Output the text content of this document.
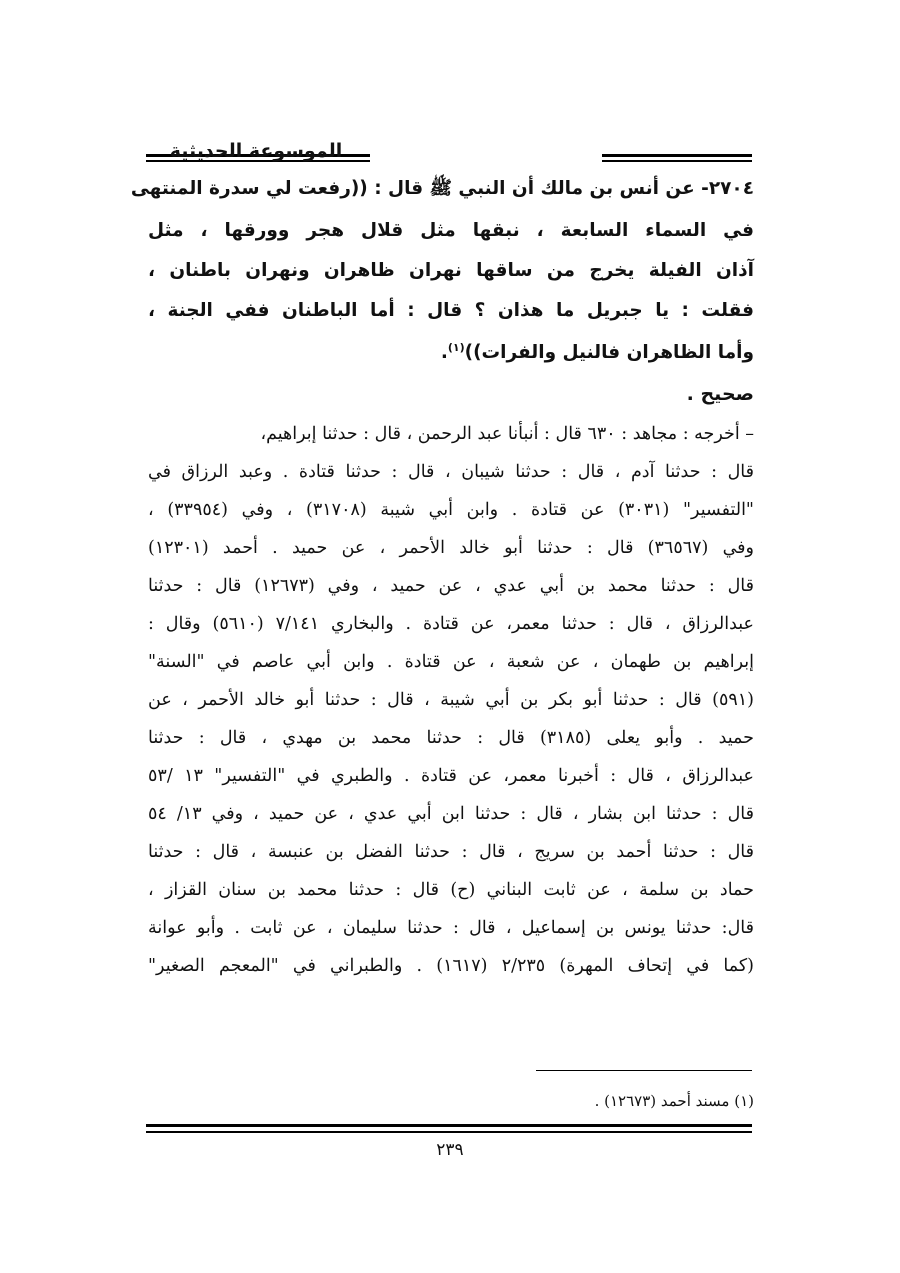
الموسوعة الحديثية
٢٧٠٤- عن أنس بن مالك أن النبي ﷺ قال : ((رفعت لي سدرة المنتهى
في السماء السابعة ، نبقها مثل قلال هجر وورقها ، مثل
آذان الفيلة يخرج من ساقها نهران ظاهران ونهران باطنان ،
فقلت : يا جبريل ما هذان ؟ قال : أما الباطنان ففي الجنة ،
وأما الظاهران فالنيل والفرات))$^{(١)}$.
صحيح .
– أخرجه : مجاهد : ٦٣٠ قال : أنبأنا عبد الرحمن ، قال : حدثنا إبراهيم،
قال : حدثنا آدم ، قال : حدثنا شيبان ، قال : حدثنا قتادة . وعبد الرزاق في
"التفسير" (٣٠٣١) عن قتادة . وابن أبي شيبة (٣١٧٠٨) ، وفي (٣٣٩٥٤) ،
وفي (٣٦٥٦٧) قال : حدثنا أبو خالد الأحمر ، عن حميد . أحمد (١٢٣٠١)
قال : حدثنا محمد بن أبي عدي ، عن حميد ، وفي (١٢٦٧٣) قال : حدثنا
عبدالرزاق ، قال : حدثنا معمر، عن قتادة . والبخاري ٧/١٤١ (٥٦١٠) وقال :
إبراهيم بن طهمان ، عن شعبة ، عن قتادة . وابن أبي عاصم في "السنة"
(٥٩١) قال : حدثنا أبو بكر بن أبي شيبة ، قال : حدثنا أبو خالد الأحمر ، عن
حميد . وأبو يعلى (٣١٨٥) قال : حدثنا محمد بن مهدي ، قال : حدثنا
عبدالرزاق ، قال : أخبرنا معمر، عن قتادة . والطبري في "التفسير" ١٣ /٥٣
قال : حدثنا ابن بشار ، قال : حدثنا ابن أبي عدي ، عن حميد ، وفي ١٣/ ٥٤
قال : حدثنا أحمد بن سريج ، قال : حدثنا الفضل بن عنبسة ، قال : حدثنا
حماد بن سلمة ، عن ثابت البناني (ح) قال : حدثنا محمد بن سنان القزاز ،
قال: حدثنا يونس بن إسماعيل ، قال : حدثنا سليمان ، عن ثابت . وأبو عوانة
(كما في إتحاف المهرة) ٢/٢٣٥ (١٦١٧) . والطبراني في "المعجم الصغير"
(١) مسند أحمد (١٢٦٧٣) .
٢٣٩
